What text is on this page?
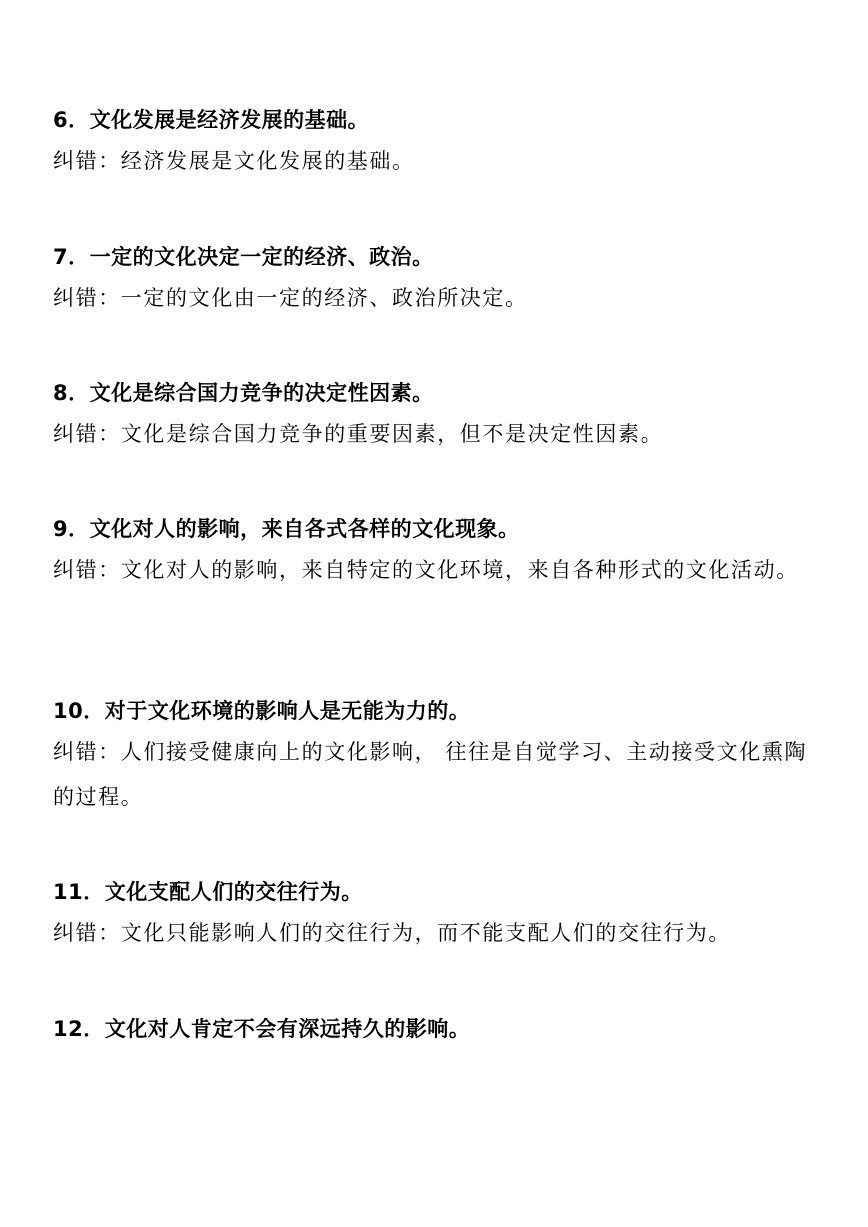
6．文化发展是经济发展的基础。
纠错：经济发展是文化发展的基础。
7．一定的文化决定一定的经济、政治。
纠错：一定的文化由一定的经济、政治所决定。
8．文化是综合国力竞争的决定性因素。
纠错：文化是综合国力竞争的重要因素，但不是决定性因素。
9．文化对人的影响，来自各式各样的文化现象。
纠错：文化对人的影响，来自特定的文化环境，来自各种形式的文化活动。
10．对于文化环境的影响人是无能为力的。
纠错：人们接受健康向上的文化影响， 往往是自觉学习、主动接受文化熏陶的过程。
11．文化支配人们的交往行为。
纠错：文化只能影响人们的交往行为，而不能支配人们的交往行为。
12．文化对人肯定不会有深远持久的影响。
